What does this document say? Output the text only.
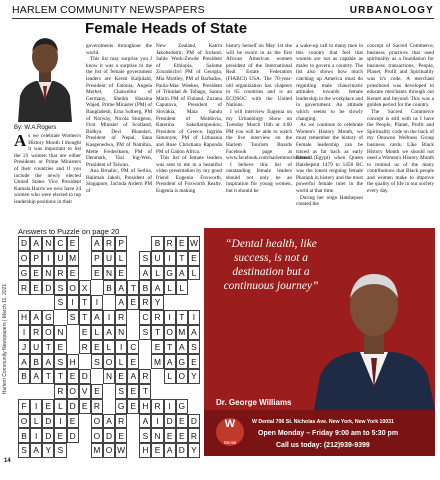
HARLEM COMMUNITY NEWSPAPERS	URBANOLOGY
By: W.A.Rogers
Female Heads of State

As we celebrate Women's History Month I thought it was important to list the 23 women that are either Presidents or Prime Ministers of their countries and if you include the newly elected United States Vice President Kamala Harris we now have 24 women who were elected to top leadership positions in their

governments throughout the world.

This list may surprise you I know it was a surprise to me the list of female government leaders are Kersti Kaljulaid, President of Estonia, Angela Merkel, Chancellor of Germany, Sheikh Hasaina Wajed, Prime Minister (PM) of Bangladesh, Erna Solberg, PM of Norway, Nicola Sturgeon, First Minister of Scotland, Bidhya Devi Bhandari, President of Nepal, Sana Kasgenedwa, PM of Namibia, Mette Frederiksen, PM of Denmark, Tsai Ing-Wen, President of Taiwan.

Ana Brnabic, PM of Serbia, Halimah Jakob, President of Singapore, Jacinda Ardern PM of

New Zealand, Katrin Jakobsdottir, PM of Iceland, Sahle Work-Zewde President of Ethiopia, Salome Zourabichvi PM of Georgia, Mia Mottley, PM of Barbados, Paula-Mae Weekes, President of Trinidad & Tobago, Sanna Marin PM of Finland, Zuzana Caputova, President of Slovakia, Maia Sandu President of Moldovia, Katerina Sakellaropoulou, President of Greece, Ingrida Simonyte, PM of Lithuania and Rose Christiana Raponda PM of Gabon Africa.

This list of female leaders was sent to me in a beautiful video presentation by my good friend Eugenia Foxworth, President of Foxworth Realty. Eugenia is making

history herself on May 1st she will be sworn in as the first African American women president of the International Real Estate Federation (FIABCI) USA. The 70-year-old organization has chapters in 65 countries and is an ECOSOC with the United Nations.

I will interview Eugenia on my Urbanology Show on Tuesday March 16th at 4:00 PM you will be able to watch the live interview on the Harlem Tourism Boards Facebook page at www.facebook.com/harlemtourismboard.

I believe this list of outstanding female leaders should not only be an inspiration for young women, but it should be

a wake-up call to many men in this country that feel that women are not as capable as males to govern a country. The list also shows how much catching up America must do regarding male chauvinistic attitudes towards female leadership in the workplace and in government. An attitude which seems to be slowly changing.

As we continue to celebrate Women's History Month, we must remember the history of Female leadership can be traced as far back as early Kemet (Egypt) when Queen Hatshepsut 1479 to 1458 BC was the lonest reigning female Pharaoh in history and the most powerful female ruler in the world at that time.

During her reign Hatshepsut created the

concept of Sacred Commerce, business practices that used spirituality as a foundation for business transactions, People, Planet, Profit and Spirituality was it's code. A merchant priesthood was developed to educate merchants through out Kemet and beyond. This was a golden period for the country.

The Sacred Commerce concept is still with us I have the People, Planet, Profit and Spirituality code on the back of my Onuwon Wellness Group business cards. Like Black History Month we should not need a Women's History Month to remind us of the many contributions that Black people and women make to improve the quality of life in our society every day.

Harlem Community Newspapers | March 11, 2021
14
Answers to Puzzle on page 20
D A N C E	A R P	B R E W
O P I U M	P U L	S U I	T E
G E N R E	E N E	A L G A L
R E D S O X	B A T B A L L
S I	T	I	A E R Y
H A G	S T A I R	C R I	T	I
I R O N	E L A N	S T O M A
J U T E	R E L	I C	E T A S
A B A S H	S O L E	M A G E
B A T T E D	N E A R	L O Y
R O V E	S E T
F	I E L D E R	G E H R I G
O L D I E	O A R	A I D E D
B I D E D	O D E	S N E E R
S A Y S	M O W	H E A D Y
“Dental health, like success, is not a destination but a continuous journey”
Dr. George Williams
W
Dental
W Dental 706 St. Nicholas Ave. New York, New York 10031
Open Monday – Friday 9:00 am to 5:30 pm
Call us today: (212)939-9399
